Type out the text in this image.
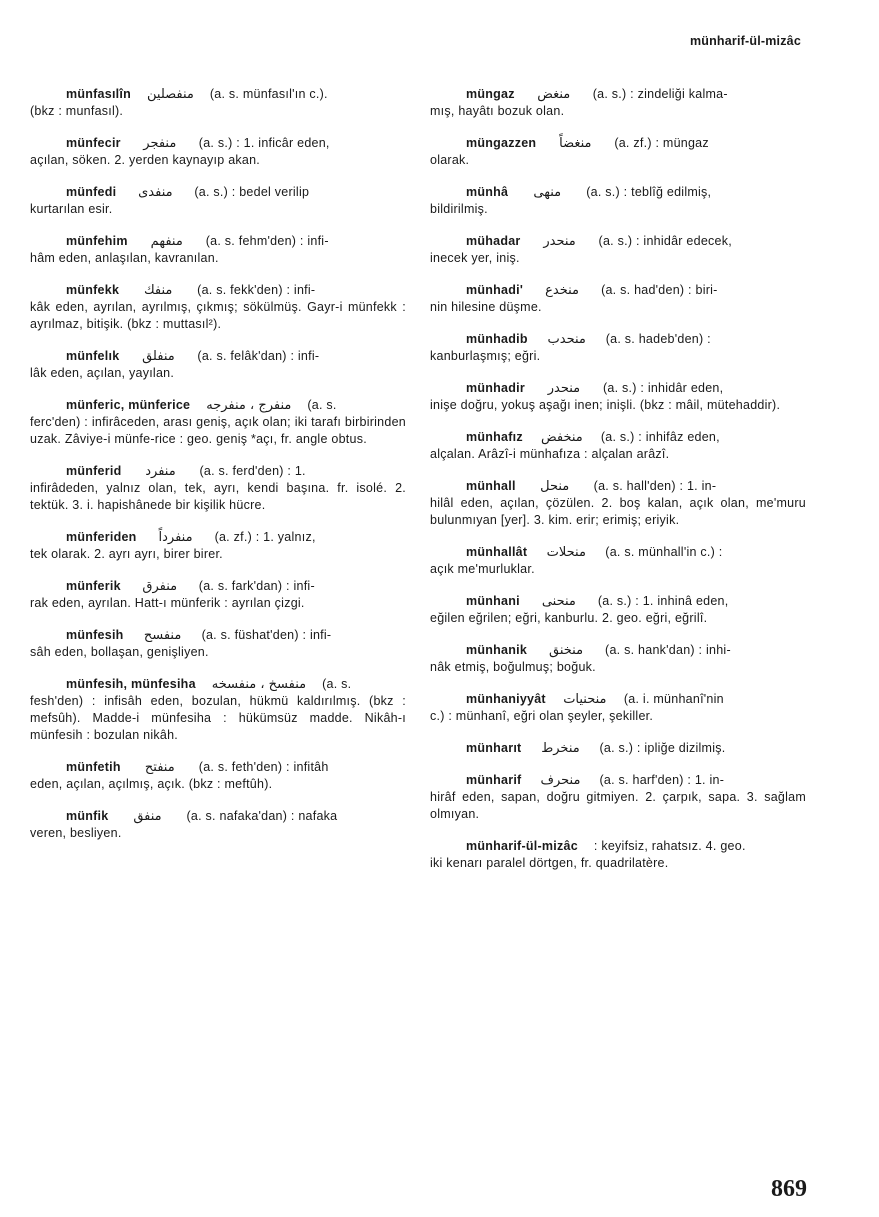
münharif-ül-mizâc
münfasılîn منفصلين (a. s. münfasıl'ın c.).
(bkz : munfasıl).
münfecir	منفجر	(a. s.) : 1. inficâr eden,
açılan, söken. 2. yerden kaynayıp akan.
münfedi	منفدى	(a. s.) : bedel verilip
kurtarılan esir.
münfehim	منفهم	(a. s. fehm'den) : infi-
hâm eden, anlaşılan, kavranılan.
münfekk	منفك	(a. s. fekk'den) : infi-
kâk eden, ayrılan, ayrılmış, çıkmış; sökülmüş. Gayr-i münfekk : ayrılmaz, bitişik. (bkz : muttasıl²).
münfelık	منفلق	(a. s. felâk'dan) : infi-
lâk eden, açılan, yayılan.
münferic, münferice منفرج ، منفرجه (a. s.
ferc'den) : infirâceden, arası geniş, açık olan; iki tarafı birbirinden uzak. Zâviye-i münfe-rice : geo. geniş *açı, fr. angle obtus.
münferid	منفرد	(a. s. ferd'den) : 1.
infirâdeden, yalnız olan, tek, ayrı, kendi başına. fr. isolé. 2. tektük. 3. i. hapishânede bir kişilik hücre.
münferiden	منفرداً	(a. zf.) : 1. yalnız,
tek olarak. 2. ayrı ayrı, birer birer.
münferik	منفرق	(a. s. fark'dan) : infi-
rak eden, ayrılan. Hatt-ı münferik : ayrılan çizgi.
münfesih	منفسح	(a. s. füshat'den) : infi-
sâh eden, bollaşan, genişliyen.
münfesih, münfesiha منفسخ ، منفسخه (a. s.
fesh'den) : infisâh eden, bozulan, hükmü kaldırılmış. (bkz : mefsûh). Madde-i münfesiha : hükümsüz madde. Nikâh-ı münfesih : bozulan nikâh.
münfetih	منفتح	(a. s. feth'den) : infitâh
eden, açılan, açılmış, açık. (bkz : meftûh).
münfik	منفق	(a. s. nafaka'dan) : nafaka
veren, besliyen.
müngaz	منغض	(a. s.) : zindeliği kalma-
mış, hayâtı bozuk olan.
müngazzen	منغضاً	(a. zf.) : müngaz
olarak.
münhâ	منهى	(a. s.) : teblîğ edilmiş,
bildirilmiş.
mühadar	منحدر	(a. s.) : inhidâr edecek,
inecek yer, iniş.
münhadi'	منخدع	(a. s. had'den) : biri-
nin hilesine düşme.
münhadib منحدب	(a. s. hadeb'den) :
kanburlaşmış; eğri.
münhadir	منحدر	(a. s.) : inhidâr eden,
inişe doğru, yokuş aşağı inen; inişli. (bkz : mâil, mütehaddir).
münhafız منخفض (a. s.) : inhifâz eden,
alçalan. Arâzî-i münhafıza : alçalan arâzî.
münhall	منحل	(a. s. hall'den) : 1. in-
hilâl eden, açılan, çözülen. 2. boş kalan, açık olan, me'muru bulunmıyan [yer]. 3. kim. erir; erimiş; eriyik.
münhallât منحلات (a. s. münhall'in c.) :
açık me'murluklar.
münhani	منحنى	(a. s.) : 1. inhinâ eden,
eğilen eğrilen; eğri, kanburlu. 2. geo. eğri, eğrilî.
münhanik	منخنق	(a. s. hank'dan) : inhi-
nâk etmiş, boğulmuş; boğuk.
münhaniyyât منحنيات (a. i. münhanî'nin
c.) : münhanî, eğri olan şeyler, şekiller.
münharıt منخرط	(a. s.) : ipliğe dizilmiş.
münharif منحرف (a. s. harf'den) : 1. in-
hirâf eden, sapan, doğru gitmiyen. 2. çarpık, sapa. 3. sağlam olmıyan.
münharif-ül-mizâc : keyifsiz, rahatsız. 4. geo.
iki kenarı paralel dörtgen, fr. quadrilatère.
869
